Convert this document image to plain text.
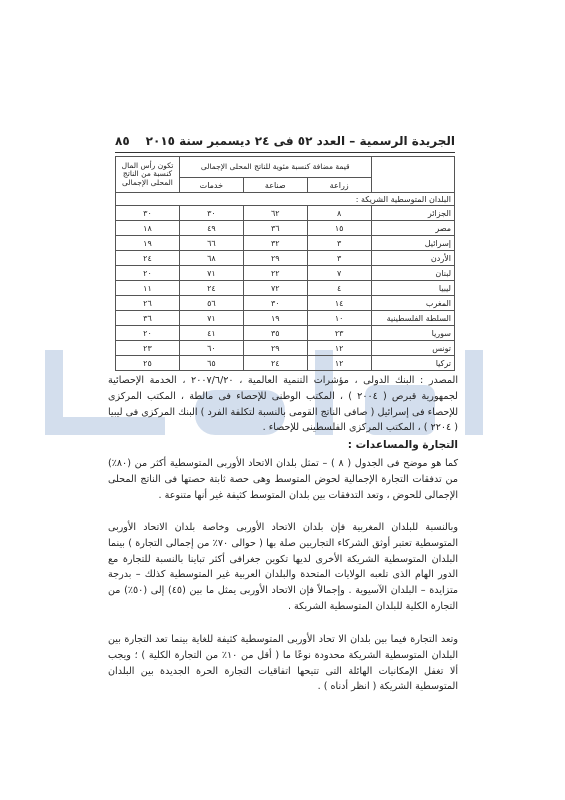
الجريدة الرسمية – العدد ٥٢ فى ٢٤ ديسمبر سنة ٢٠١٥
٨٥
	قيمة مضافة كنسبة مئوية للناتج المحلى الإجمالى			تكون رأس المال كنسبة من الناتج المحلى الإجمالى
	زراعة	صناعة	خدمات	
البلدان المتوسطية الشريكة :				
الجزائر	٨	٦٢	٣٠	٣٠
مصر	١٥	٣٦	٤٩	١٨
إسرائيل	٣	٣٢	٦٦	١٩
الأردن	٣	٢٩	٦٨	٢٤
لبنان	٧	٢٢	٧١	٢٠
ليبيا	٤	٧٢	٢٤	١١
المغرب	١٤	٣٠	٥٦	٢٦
السلطة الفلسطينية	١٠	١٩	٧١	٣٦
سوريا	٢٣	٣٥	٤١	٢٠
تونس	١٢	٢٩	٦٠	٢٣
تركيا	١٢	٢٤	٦٥	٢٥

المصدر : البنك الدولى ، مؤشرات التنمية العالمية ، ٢٠٠٧/٦/٢٠ ، الخدمة الإحصائية لجمهورية قبرص ( ٢٠٠٤ ) ، المكتب الوطنى للإحصاء فى مالطة ، المكتب المركزى للإحصاء فى إسرائيل ( صافى الناتج القومى بالنسبة لتكلفة الفرد ) البنك المركزى فى ليبيا ( ٢٢٠٤ ) ، المكتب المركزى الفلسطينى للإحصاء .

التجارة والمساعدات :

كما هو موضح فى الجدول ( ٨ ) – تمثل بلدان الاتحاد الأوربى المتوسطية أكثر من (٨٠٪) من تدفقات التجارة الإجمالية لحوض المتوسط وهى حصة ثابتة حصتها فى الناتج المحلى الإجمالى للحوض ، وتعد التدفقات بين بلدان المتوسط كثيفة غير أنها متنوعة .

وبالنسبة للبلدان المغربية فإن بلدان الاتحاد الأوربى وخاصة بلدان الاتحاد الأوربى المتوسطية تعتبر أوثق الشركاء التجاريين صلة بها ( حوالى ٧٠٪ من إجمالى التجارة ) بينما البلدان المتوسطية الشريكة الأخرى لديها تكوين جغرافى أكثر تباينا بالنسبة للتجارة مع الدور الهام الذى تلعبه الولايات المتحدة والبلدان العربية غير المتوسطية كذلك – بدرجة متزايدة – البلدان الآسيوية . وإجمالاً فإن الاتحاد الأوربى يمثل ما بين (٤٥) إلى (٥٠٪) من التجارة الكلية للبلدان المتوسطية الشريكة .

وتعد التجارة فيما بين بلدان الا تحاد الأوربى المتوسطية كثيفة للغاية بينما تعد التجارة بين البلدان المتوسطية الشريكة محدودة نوعًا ما ( أقل من ١٠٪ من التجارة الكلية ) ؛ ويجب ألا تغفل الإمكانيات الهائلة التى تتيحها اتفاقيات التجارة الحرة الجديدة بين البلدان المتوسطية الشريكة ( انظر أدناه ) .
